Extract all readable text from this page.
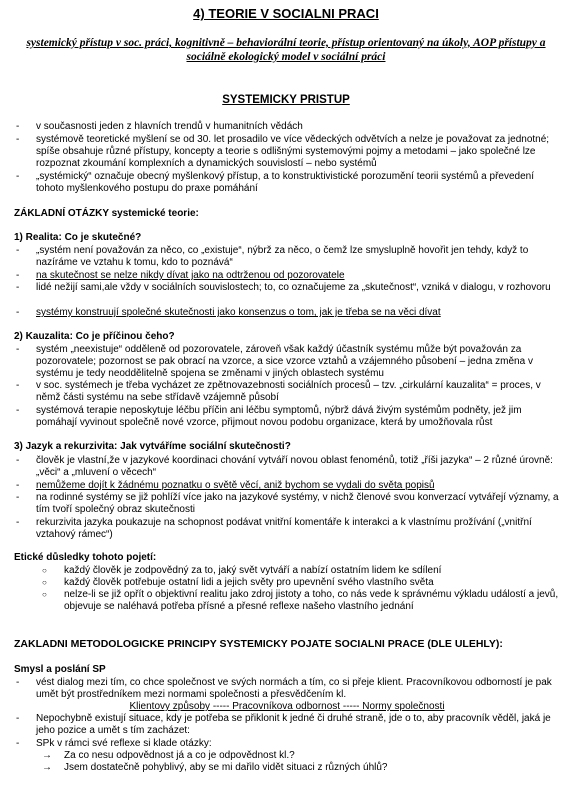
4) TEORIE V SOCIALNI PRACI
systemický přístup v soc. práci, kognitivně – behaviorální teorie, přístup orientovaný na úkoly, AOP přístupy a sociálně ekologický model v sociální práci
SYSTEMICKY PRISTUP
- v současnosti jeden z hlavních trendů v humanitních vědách
- systémově teoretické myšlení se od 30. let prosadilo ve více vědeckých odvětvích a nelze je považovat za jednotné; spíše obsahuje různé přístupy, koncepty a teorie s odlišnými systemovými pojmy a metodami – jako společné lze rozpoznat zkoumání komplexních a dynamických souvislostí – nebo systémů
- „systémický“ označuje obecný myšlenkový přístup, a to konstruktivistické porozumění teorii systémů a převedení tohoto myšlenkového postupu do praxe pomáhání
ZÁKLADNÍ OTÁZKY systemické teorie:
1) Realita: Co je skutečné?
- „systém není považován za něco, co „existuje“, nýbrž za něco, o čemž lze smysluplně hovořit jen tehdy, když to nazíráme ve vztahu k tomu, kdo to poznává“
- na skutečnost se nelze nikdy dívat jako na odtrženou od pozorovatele
- lidé nežijí sami,ale vždy v sociálních souvislostech; to, co označujeme za „skutečnost“, vzniká v dialogu, v rozhovoru
- systémy konstruují společné skutečnosti jako konsenzus o tom, jak je třeba se na věci dívat
2) Kauzalita: Co je příčinou čeho?
- systém „neexistuje“ odděleně od pozorovatele, zároveň však každý účastník systému může být považován za pozorovatele; pozornost se pak obrací na vzorce, a sice vzorce vztahů a vzájemného působení – jedna změna v systému je tedy neoddělitelně spojena se změnami v jiných oblastech systému
- v soc. systémech je třeba vycházet ze zpětnovazebnosti sociálních procesů – tzv. „cirkulární kauzalita“ = proces, v němž části systému na sebe střídavě vzájemně působí
- systémová terapie neposkytuje léčbu příčin ani léčbu symptomů, nýbrž dává živým systémům podněty, jež jim pomáhají vyvinout společně nové vzorce, přijmout novou podobu organizace, která by umožňovala růst
3) Jazyk a rekurzivita: Jak vytváříme sociální skutečnosti?
- člověk je vlastní,že v jazykové koordinaci chování vytváří novou oblast fenoménů, totiž „říši jazyka“ – 2 různé úrovně: „věci“ a „mluvení o věcech“
- nemůžeme dojít k žádnému poznatku o světě věcí, aniž bychom se vydali do světa popisů
- na rodinné systémy se již pohlíží více jako na jazykové systémy, v nichž členové svou konverzací vytvářejí významy, a tím tvoří společný obraz skutečnosti
- rekurzivita jazyka poukazuje na schopnost podávat vnitřní komentáře k interakci a k vlastnímu prožívání („vnitřní vztahový rámec“)
Etické důsledky tohoto pojetí:
○ každý člověk je zodpovědný za to, jaký svět vytváří a nabízí ostatním lidem ke sdílení
○ každý člověk potřebuje ostatní lidi a jejich světy pro upevnění svého vlastního světa
○ nelze-li se již opřít o objektivní realitu jako zdroj jistoty a toho, co nás vede k správnému výkladu událostí a jevů, objevuje se naléhavá potřeba přísné a přesné reflexe našeho vlastního jednání
ZAKLADNI METODOLOGICKE PRINCIPY SYSTEMICKY POJATE SOCIALNI PRACE (DLE ULEHLY):
Smysl a poslání SP
- vést dialog mezi tím, co chce společnost ve svých normách a tím, co si přeje klient. Pracovníkovou odborností je pak umět být prostředníkem mezi normami společnosti a přesvědčením kl.
Klientovy způsoby ----- Pracovníkova odbornost ----- Normy společnosti
- Nepochybně existují situace, kdy je potřeba se přiklonit k jedné či druhé straně, jde o to, aby pracovník věděl, jaká je jeho pozice a umět s tím zacházet:
- SPk v rámci své reflexe si klade otázky:
→ Za co nesu odpovědnost já a co je odpovědnost kl.?
→ Jsem dostatečně pohyblivý, aby se mi dařilo vidět situaci z různých úhlů?
